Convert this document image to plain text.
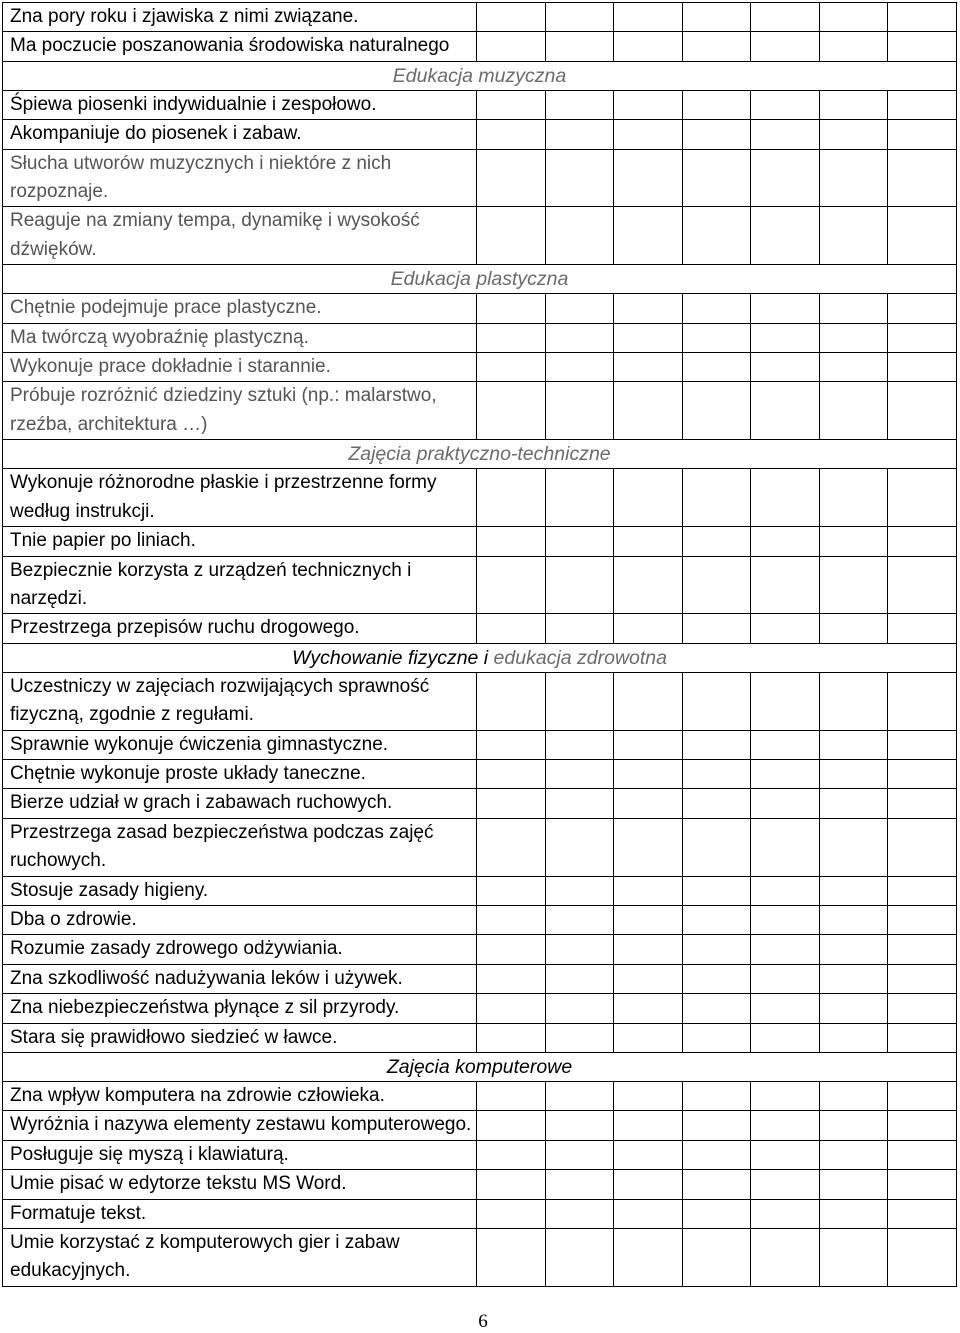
Zna pory roku i zjawiska z nimi związane.							
Ma poczucie poszanowania środowiska naturalnego							
Edukacja muzyczna							
Śpiewa piosenki indywidualnie i zespołowo.							
Akompaniuje do piosenek i zabaw.							
Słucha utworów muzycznych i niektóre z nich rozpoznaje.							
Reaguje na zmiany tempa, dynamikę i wysokość dźwięków.							
Edukacja plastyczna							
Chętnie podejmuje prace plastyczne.							
Ma twórczą wyobraźnię plastyczną.							
Wykonuje prace dokładnie i starannie.							
Próbuje rozróżnić dziedziny sztuki (np.: malarstwo, rzeźba, architektura …)							
Zajęcia praktyczno-techniczne							
Wykonuje różnorodne płaskie i przestrzenne formy według instrukcji.							
Tnie papier po liniach.							
Bezpiecznie korzysta z urządzeń technicznych i narzędzi.							
Przestrzega przepisów ruchu drogowego.							
Wychowanie fizyczne i edukacja zdrowotna							
Uczestniczy w zajęciach rozwijających sprawność fizyczną, zgodnie z regułami.							
Sprawnie wykonuje ćwiczenia gimnastyczne.							
Chętnie wykonuje proste układy taneczne.							
Bierze udział w grach i zabawach ruchowych.							
Przestrzega zasad bezpieczeństwa podczas zajęć ruchowych.							
Stosuje zasady higieny.							
Dba o zdrowie.							
Rozumie zasady zdrowego odżywiania.							
Zna szkodliwość nadużywania leków i używek.							
Zna niebezpieczeństwa płynące z sil przyrody.							
Stara się prawidłowo siedzieć w ławce.							
Zajęcia komputerowe							
Zna wpływ komputera na zdrowie człowieka.							
Wyróżnia i nazywa elementy zestawu komputerowego.							
Posługuje się myszą i klawiaturą.							
Umie pisać w edytorze tekstu MS Word.							
Formatuje tekst.							
Umie korzystać z komputerowych gier i zabaw edukacyjnych.							
6
